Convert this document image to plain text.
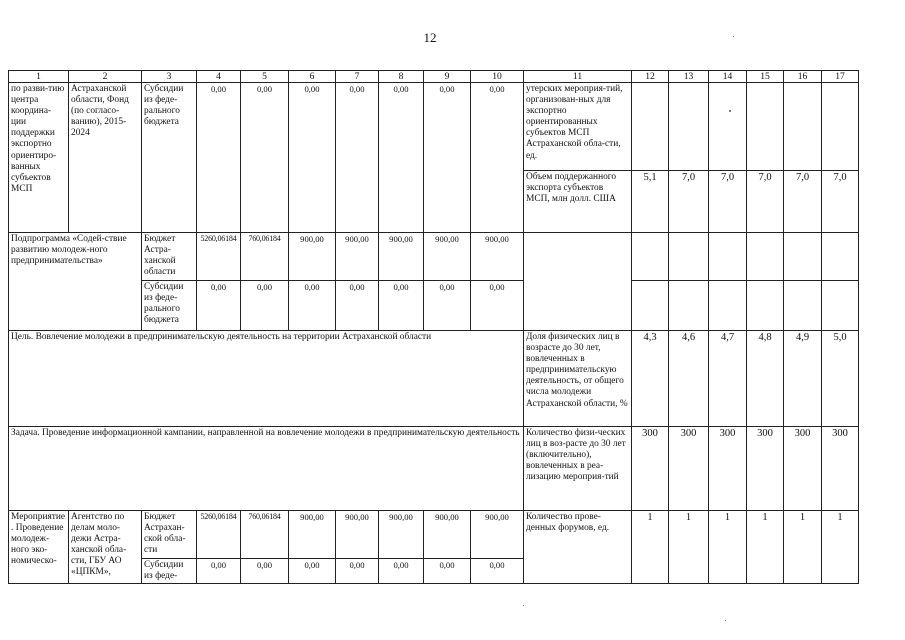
12
1	2	3	4	5	6	7	8	9	10	11	12	13	14	15	16	17
по разви-тию центра координа-ции поддержки экспортно ориентиро-ванных субъектов МСП	Астраханской области, Фонд (по согласо-ванию), 2015-2024	Субсидии из феде-рального бюджета	0,00	0,00	0,00	0,00	0,00	0,00	0,00	утерских мероприя-тий, организован-ных для экспортно ориентированных субъектов МСП Астраханской обла-сти, ед.						
										Объем поддержанного экспорта субъектов МСП, млн долл. США	5,1	7,0	7,0	7,0	7,0	7,0
Подпрограмма «Содей-ствие развитию молодеж-ного предпринимательства»		Бюджет Астра-ханской области	5260,06184	760,06184	900,00	900,00	900,00	900,00	900,00							
		Субсидии из феде-рального бюджета	0,00	0,00	0,00	0,00	0,00	0,00	0,00							
Цель. Вовлечение молодежи в предпринимательскую деятельность на территории Астраханской области										Доля физических лиц в возрасте до 30 лет, вовлеченных в предпринимательскую деятельность, от общего числа молодежи Астраханской области, %	4,3	4,6	4,7	4,8	4,9	5,0
Задача. Проведение информационной кампании, направленной на вовлечение молодежи в предпринимательскую деятельность										Количество физи-ческих лиц в воз-расте до 30 лет (включительно), вовлеченных в реа-лизацию мероприя-тий	300	300	300	300	300	300
Мероприятие. Проведение молодеж-ного эко-номическо-	Агентство по делам моло-дежи Астра-ханской обла-сти, ГБУ АО «ЦПКМ»,	Бюджет Астрахан-ской обла-сти	5260,06184	760,06184	900,00	900,00	900,00	900,00	900,00	Количество прове-денных форумов, ед.	1	1	1	1	1	1
		Субсидии из феде-	0,00	0,00	0,00	0,00	0,00	0,00	0,00							
